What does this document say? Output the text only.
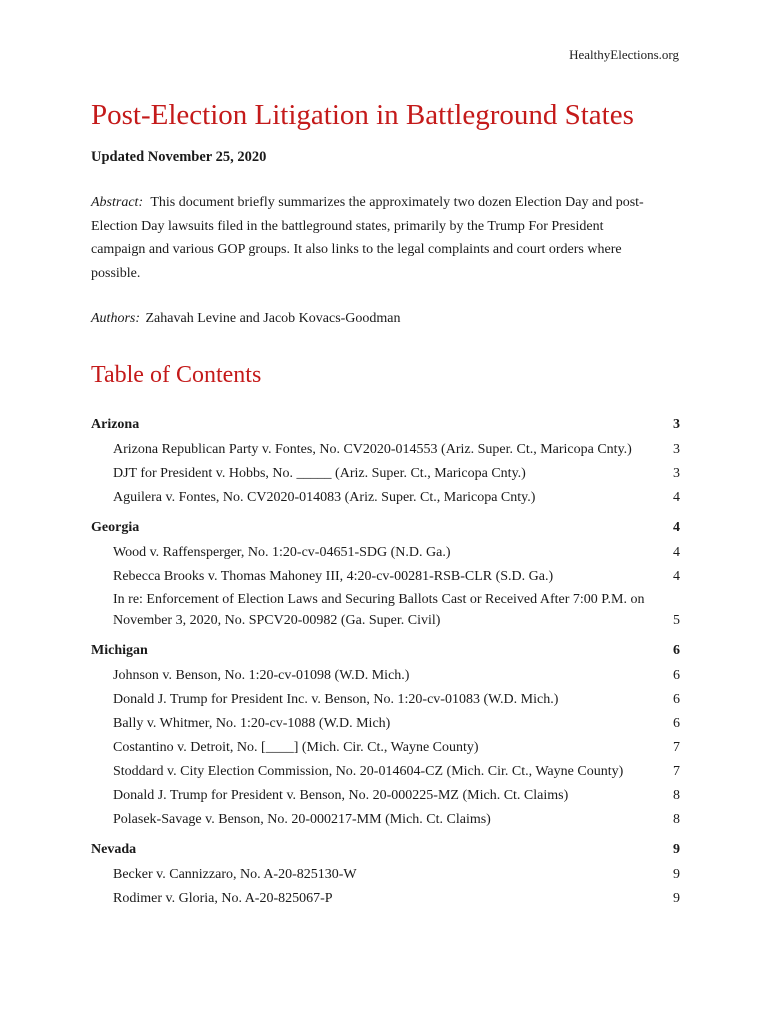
HealthyElections.org
Post-Election Litigation in Battleground States
Updated November 25, 2020
Abstract: This document briefly summarizes the approximately two dozen Election Day and post-Election Day lawsuits filed in the battleground states, primarily by the Trump For President campaign and various GOP groups. It also links to the legal complaints and court orders where possible.
Authors: Zahavah Levine and Jacob Kovacs-Goodman
Table of Contents
Arizona	3
Arizona Republican Party v. Fontes, No. CV2020-014553 (Ariz. Super. Ct., Maricopa Cnty.)	3
DJT for President v. Hobbs, No. _____ (Ariz. Super. Ct., Maricopa Cnty.)	3
Aguilera v. Fontes, No. CV2020-014083 (Ariz. Super. Ct., Maricopa Cnty.)	4
Georgia	4
Wood v. Raffensperger, No. 1:20-cv-04651-SDG (N.D. Ga.)	4
Rebecca Brooks v. Thomas Mahoney III, 4:20-cv-00281-RSB-CLR (S.D. Ga.)	4
In re: Enforcement of Election Laws and Securing Ballots Cast or Received After 7:00 P.M. on November 3, 2020, No. SPCV20-00982 (Ga. Super. Civil)	5
Michigan	6
Johnson v. Benson, No. 1:20-cv-01098 (W.D. Mich.)	6
Donald J. Trump for President Inc. v. Benson, No. 1:20-cv-01083 (W.D. Mich.)	6
Bally v. Whitmer, No. 1:20-cv-1088 (W.D. Mich)	6
Costantino v. Detroit, No. [____] (Mich. Cir. Ct., Wayne County)	7
Stoddard v. City Election Commission, No. 20-014604-CZ (Mich. Cir. Ct., Wayne County)	7
Donald J. Trump for President v. Benson, No. 20-000225-MZ (Mich. Ct. Claims)	8
Polasek-Savage v. Benson, No. 20-000217-MM (Mich. Ct. Claims)	8
Nevada	9
Becker v. Cannizzaro, No. A-20-825130-W	9
Rodimer v. Gloria, No. A-20-825067-P	9
